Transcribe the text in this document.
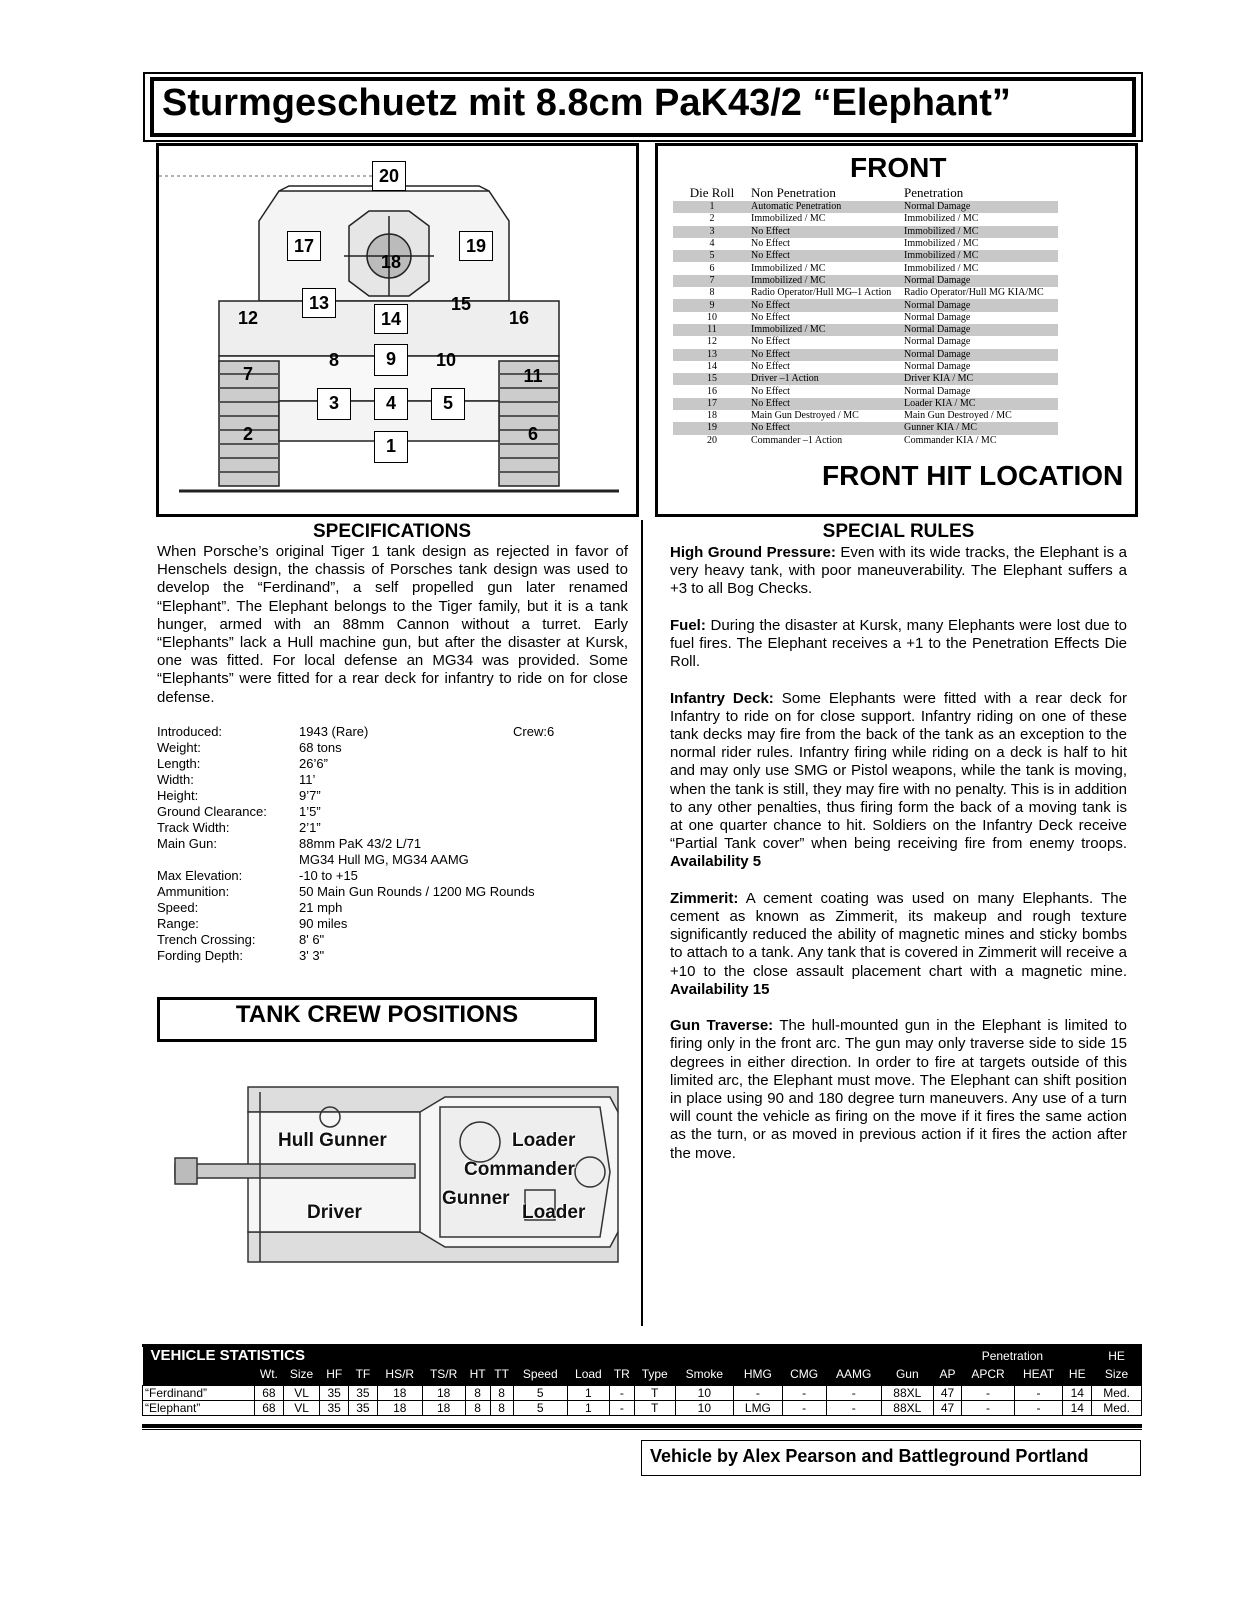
Sturmgeschuetz mit 8.8cm PaK43/2 “Elephant”
20
17
18
19
12
13
14
15
16
8	9	10
7	11
3	4	5
2	6
1
FRONT
Die Roll	Non Penetration	Penetration
1	Automatic Penetration	Normal Damage
2	Immobilized / MC	Immobilized / MC
3	No Effect	Immobilized / MC
4	No Effect	Immobilized / MC
5	No Effect	Immobilized / MC
6	Immobilized / MC	Immobilized / MC
7	Immobilized / MC	Normal Damage
8	Radio Operator/Hull MG–1 Action	Radio Operator/Hull MG KIA/MC
9	No Effect	Normal Damage
10	No Effect	Normal Damage
11	Immobilized / MC	Normal Damage
12	No Effect	Normal Damage
13	No Effect	Normal Damage
14	No Effect	Normal Damage
15	Driver –1 Action	Driver KIA / MC
16	No Effect	Normal Damage
17	No Effect	Loader KIA / MC
18	Main Gun Destroyed / MC	Main Gun Destroyed / MC
19	No Effect	Gunner KIA / MC
20	Commander –1 Action	Commander KIA / MC
FRONT HIT LOCATION
SPECIFICATIONS
When Porsche’s original Tiger 1 tank design as rejected in favor of Henschels design, the chassis of Porsches tank design was used to develop the “Ferdinand”, a self propelled gun later renamed “Elephant”. The Elephant belongs to the Tiger family, but it is a tank hunger, armed with an 88mm Cannon without a turret. Early “Elephants” lack a Hull machine gun, but after the disaster at Kursk, one was fitted. For local defense an MG34 was provided. Some “Elephants” were fitted for a rear deck for infantry to ride on for close defense.
Introduced:	1943 (Rare)	Crew:6
Weight:	68 tons
Length:	26’6”
Width:	11’
Height:	9’7”
Ground Clearance: 1’5”
Track Width:	2’1”
Main Gun:	88mm PaK 43/2 L/71
MG34 Hull MG, MG34 AAMG
Max Elevation:	-10 to +15
Ammunition:	50 Main Gun Rounds / 1200 MG Rounds
Speed:	21 mph
Range:	90 miles
Trench Crossing:	8' 6"
Fording Depth:	3' 3"
TANK CREW POSITIONS
Hull Gunner	Loader
Commander
Gunner
Driver	Loader
SPECIAL RULES

High Ground Pressure: Even with its wide tracks, the Elephant is a very heavy tank, with poor maneuverability. The Elephant suffers a +3 to all Bog Checks.

Fuel: During the disaster at Kursk, many Elephants were lost due to fuel fires. The Elephant receives a +1 to the Penetration Effects Die Roll.

Infantry Deck: Some Elephants were fitted with a rear deck for Infantry to ride on for close support. Infantry riding on one of these tank decks may fire from the back of the tank as an exception to the normal rider rules. Infantry firing while riding on a deck is half to hit and may only use SMG or Pistol weapons, while the tank is moving, when the tank is still, they may fire with no penalty. This is in addition to any other penalties, thus firing form the back of a moving tank is at one quarter chance to hit. Soldiers on the Infantry Deck receive “Partial Tank cover” when being receiving fire from enemy troops. Availability 5

Zimmerit: A cement coating was used on many Elephants. The cement as known as Zimmerit, its makeup and rough texture significantly reduced the ability of magnetic mines and sticky bombs to attach to a tank. Any tank that is covered in Zimmerit will receive a +10 to the close assault placement chart with a magnetic mine. Availability 15

Gun Traverse: The hull-mounted gun in the Elephant is limited to firing only in the front arc. The gun may only traverse side to side 15 degrees in either direction. In order to fire at targets outside of this limited arc, the Elephant must move. The Elephant can shift position in place using 90 and 180 degree turn maneuvers. Any use of a turn will count the vehicle as firing on the move if it fires the same action as the turn, or as moved in previous action if it fires the action after the move.

VEHICLE STATISTICS																		Penetration				HE
	Wt.	Size	HF	TF	HS/R	TS/R	HT	TT	Speed	Load	TR	Type	Smoke	HMG	CMG	AAMG	Gun	AP	APCR	HEAT	HE	Size
“Ferdinand”	68	VL	35	35	18	18	8	8	5	1	-	T	10	-	-	-	88XL	47	-	-	14	Med.
“Elephant”	68	VL	35	35	18	18	8	8	5	1	-	T	10	LMG	-	-	88XL	47	-	-	14	Med.
Vehicle by Alex Pearson and Battleground Portland
